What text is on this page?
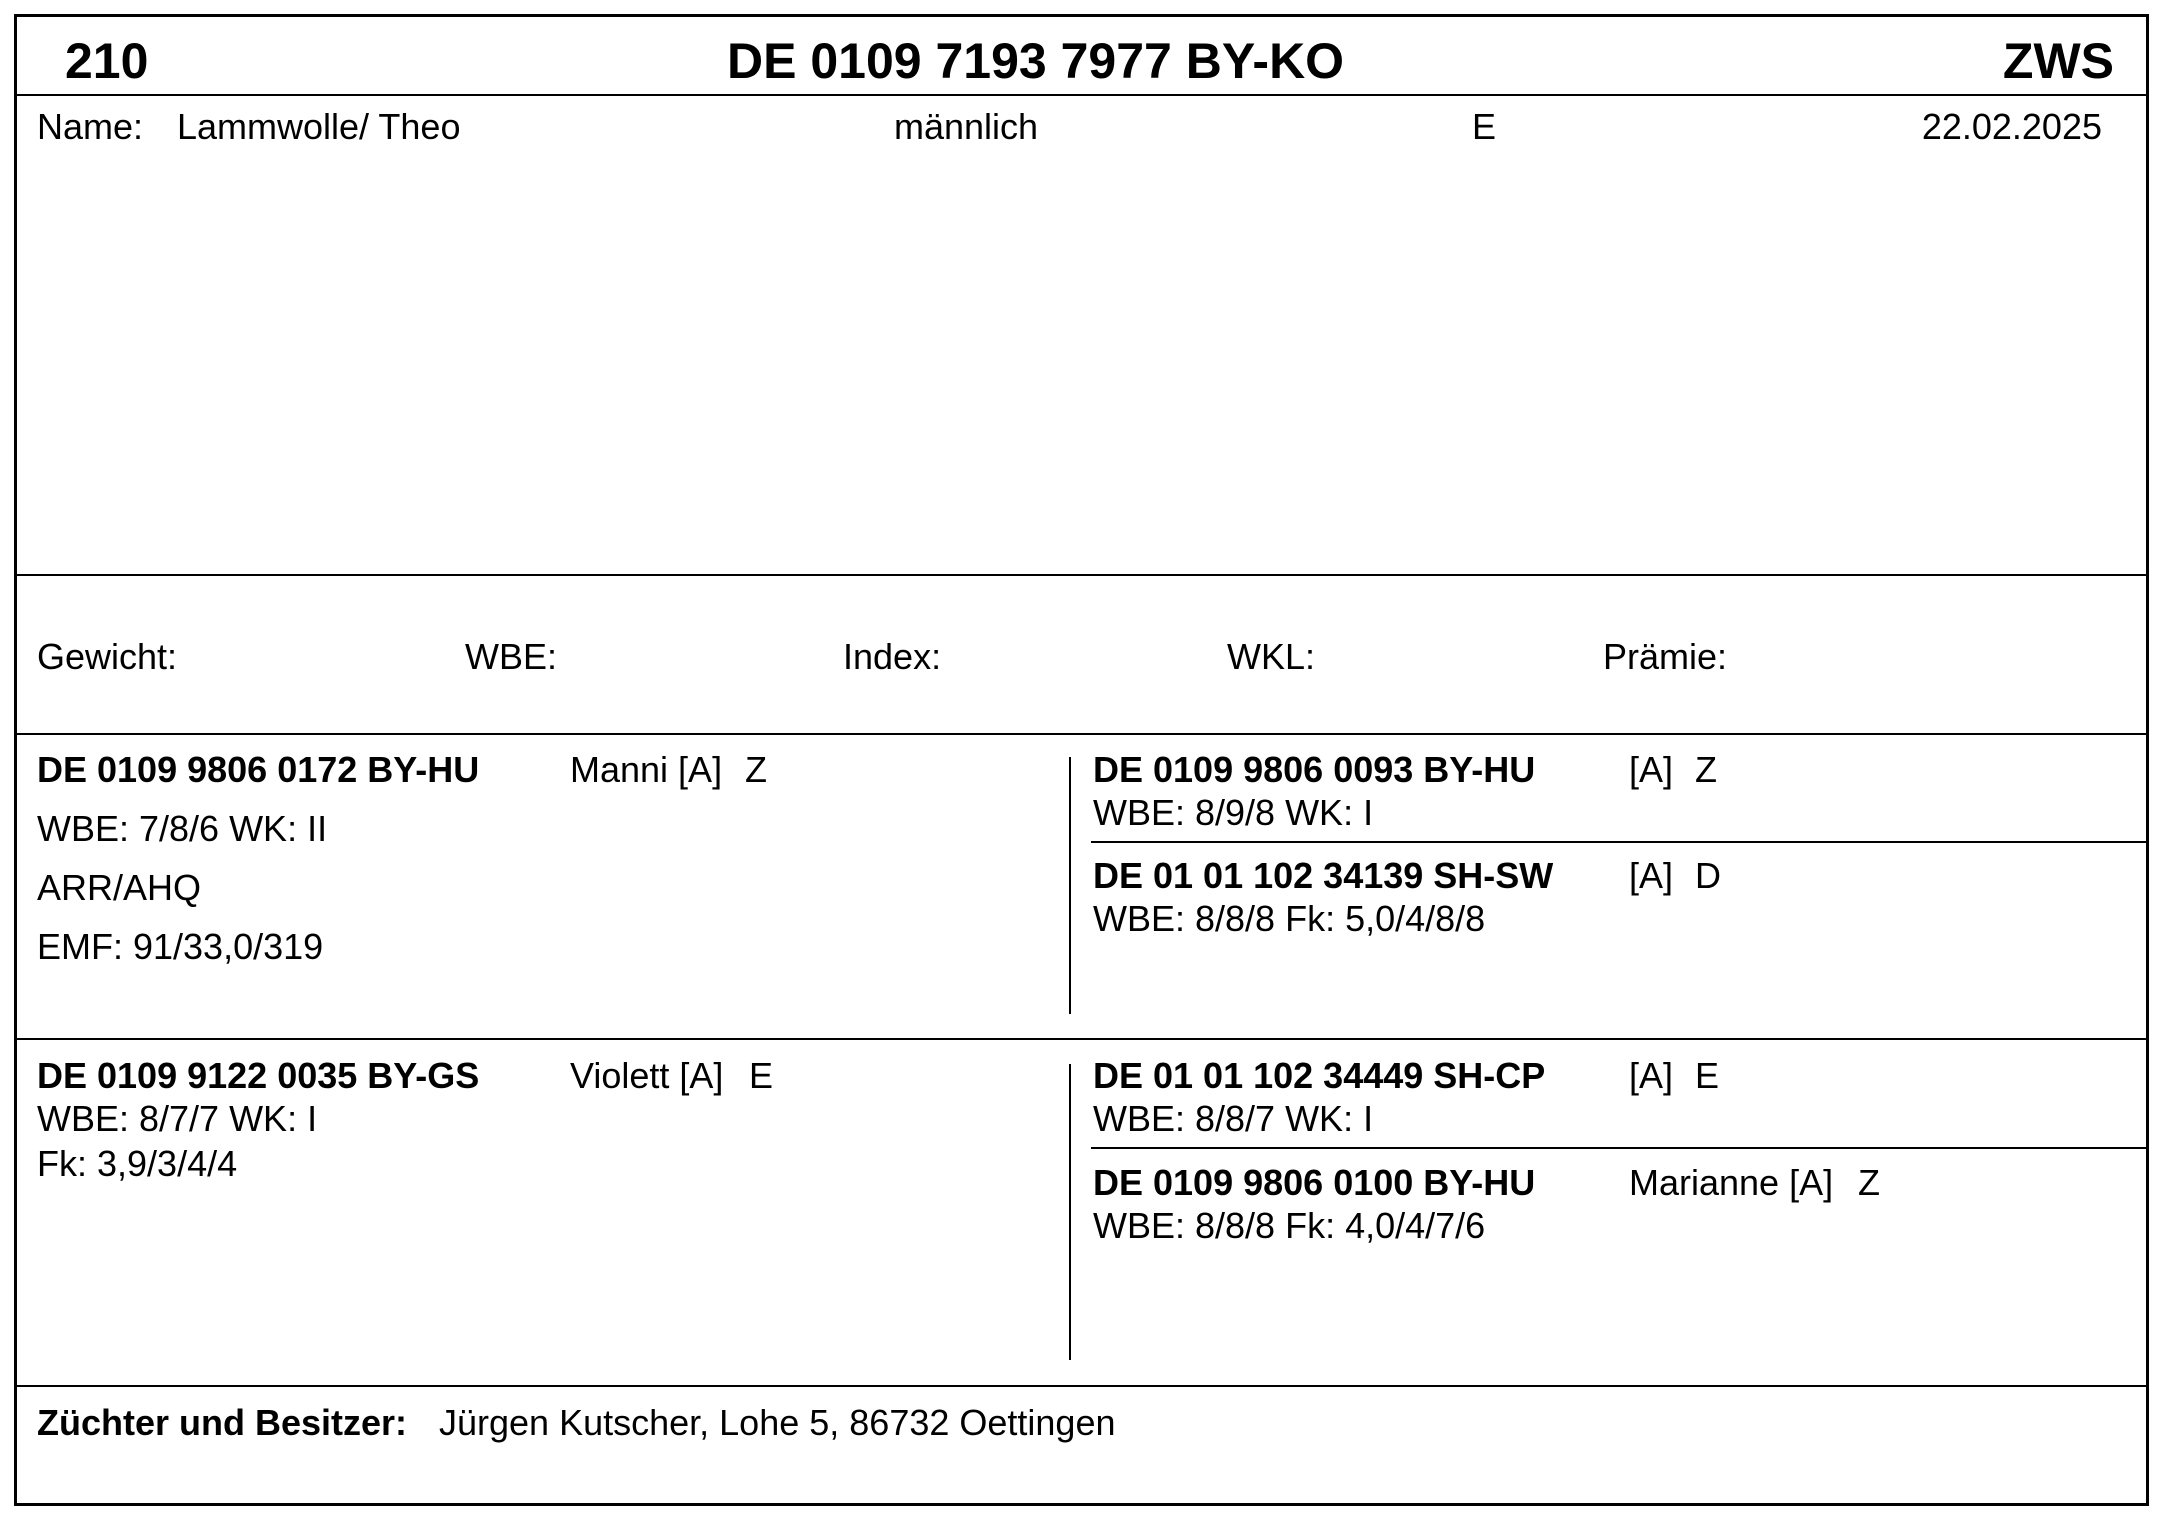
210	DE 0109 7193 7977 BY-KO	ZWS
Name: Lammwolle/ Theo	männlich	E	22.02.2025
Gewicht:	WBE:	Index:	WKL:	Prämie:
DE 0109 9806 0172 BY-HU	Manni [A] Z
WBE: 7/8/6 WK: II
ARR/AHQ
EMF: 91/33,0/319
DE 0109 9806 0093 BY-HU	[A] Z
WBE: 8/9/8 WK: I
DE 01 01 102 34139 SH-SW [A] D
WBE: 8/8/8 Fk: 5,0/4/8/8
DE 0109 9122 0035 BY-GS	Violett [A] E
WBE: 8/7/7 WK: I
Fk: 3,9/3/4/4
DE 01 01 102 34449 SH-CP [A] E
WBE: 8/8/7 WK: I
DE 0109 9806 0100 BY-HU	Marianne [A] Z
WBE: 8/8/8 Fk: 4,0/4/7/6
Züchter und Besitzer: Jürgen Kutscher, Lohe 5, 86732 Oettingen
